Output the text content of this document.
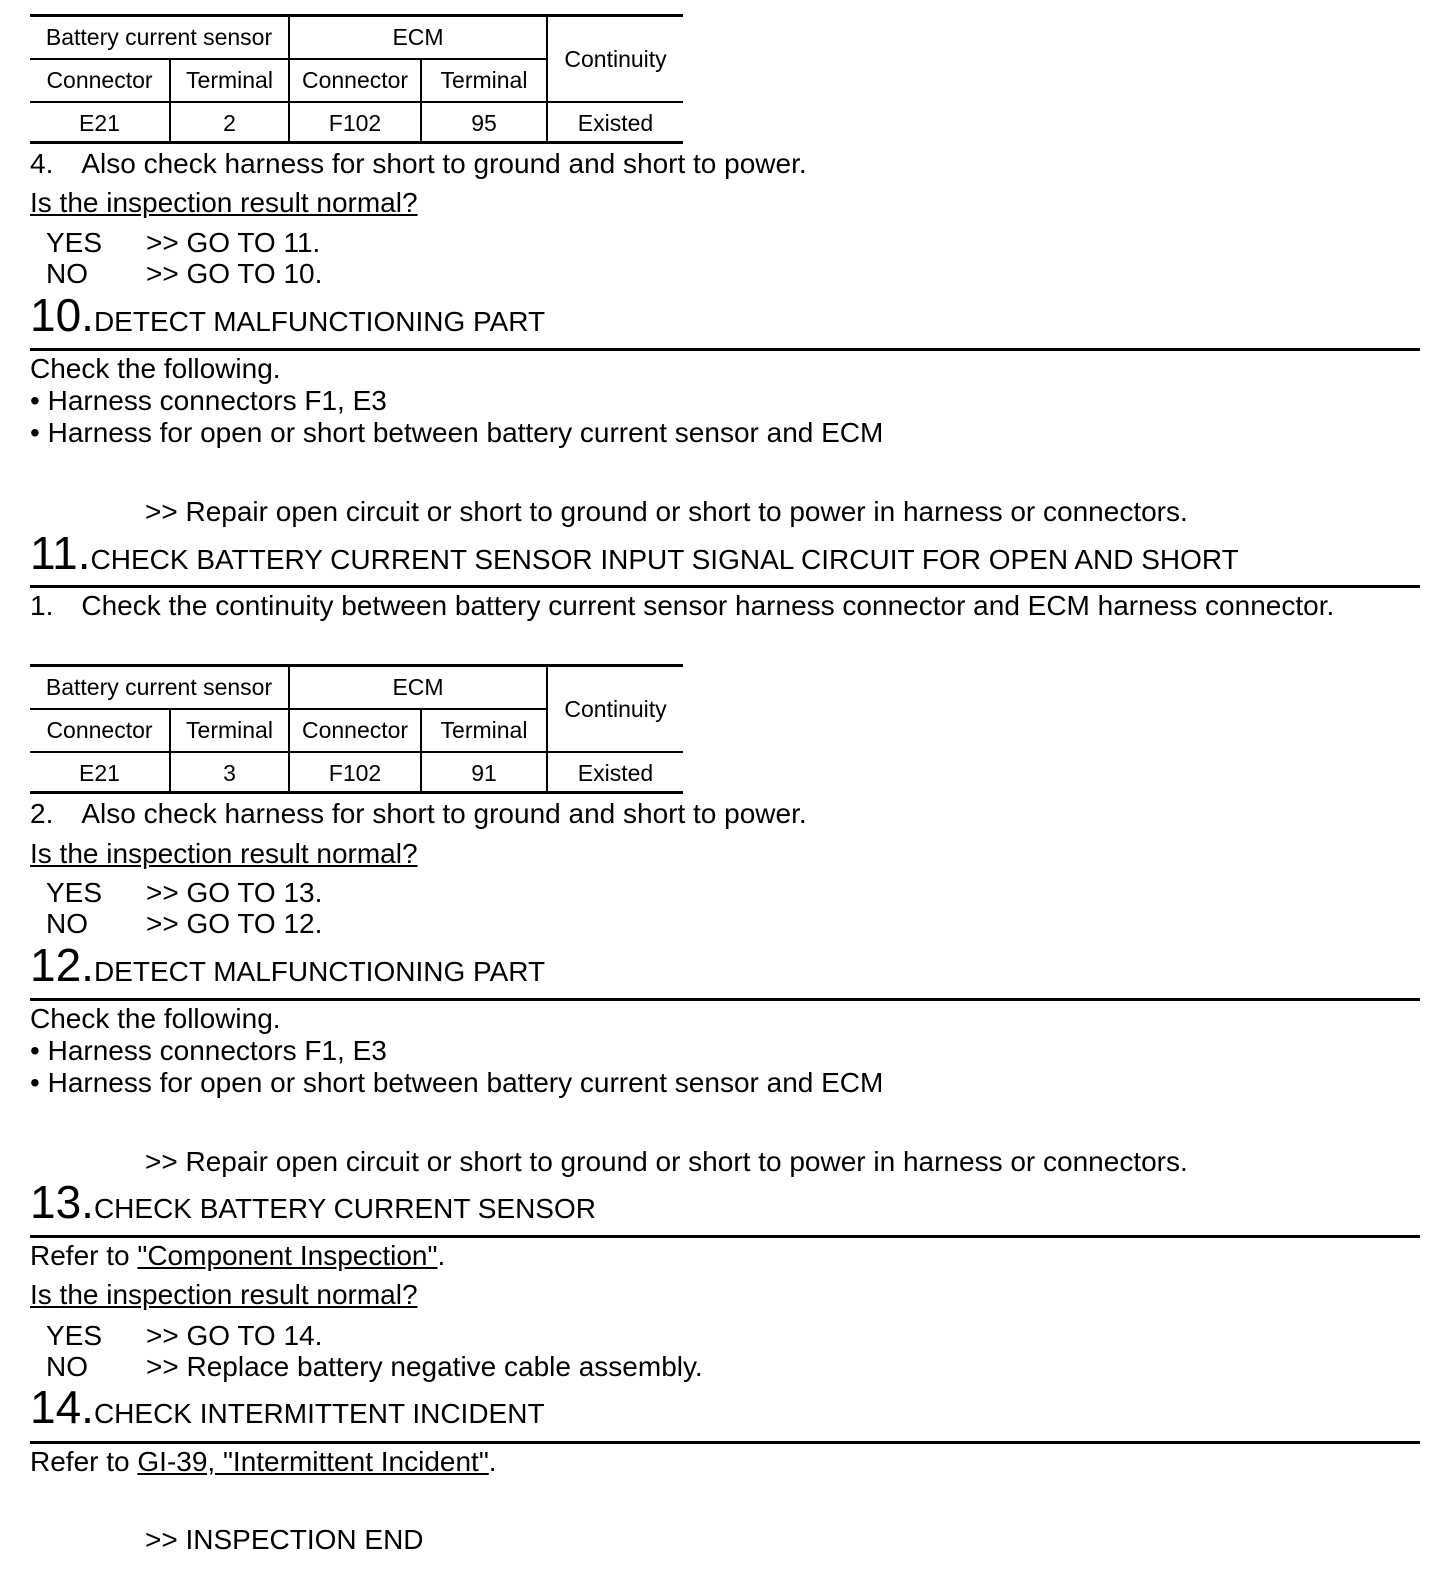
Battery current sensor		ECM		Continuity
Connector	Terminal	Connector	Terminal	
E21	2	F102	95	Existed
4. Also check harness for short to ground and short to power.
Is the inspection result normal?
YES >> GO TO 11.
NO >> GO TO 10.
10.DETECT MALFUNCTIONING PART
Check the following.
• Harness connectors F1, E3
• Harness for open or short between battery current sensor and ECM
>> Repair open circuit or short to ground or short to power in harness or connectors.
11.CHECK BATTERY CURRENT SENSOR INPUT SIGNAL CIRCUIT FOR OPEN AND SHORT
1. Check the continuity between battery current sensor harness connector and ECM harness connector.
Battery current sensor		ECM		Continuity
Connector	Terminal	Connector	Terminal	
E21	3	F102	91	Existed
2. Also check harness for short to ground and short to power.
Is the inspection result normal?
YES >> GO TO 13.
NO >> GO TO 12.
12.DETECT MALFUNCTIONING PART
Check the following.
• Harness connectors F1, E3
• Harness for open or short between battery current sensor and ECM
>> Repair open circuit or short to ground or short to power in harness or connectors.
13.CHECK BATTERY CURRENT SENSOR
Refer to "Component Inspection".
Is the inspection result normal?
YES >> GO TO 14.
NO >> Replace battery negative cable assembly.
14.CHECK INTERMITTENT INCIDENT
Refer to GI-39, "Intermittent Incident".
>> INSPECTION END
